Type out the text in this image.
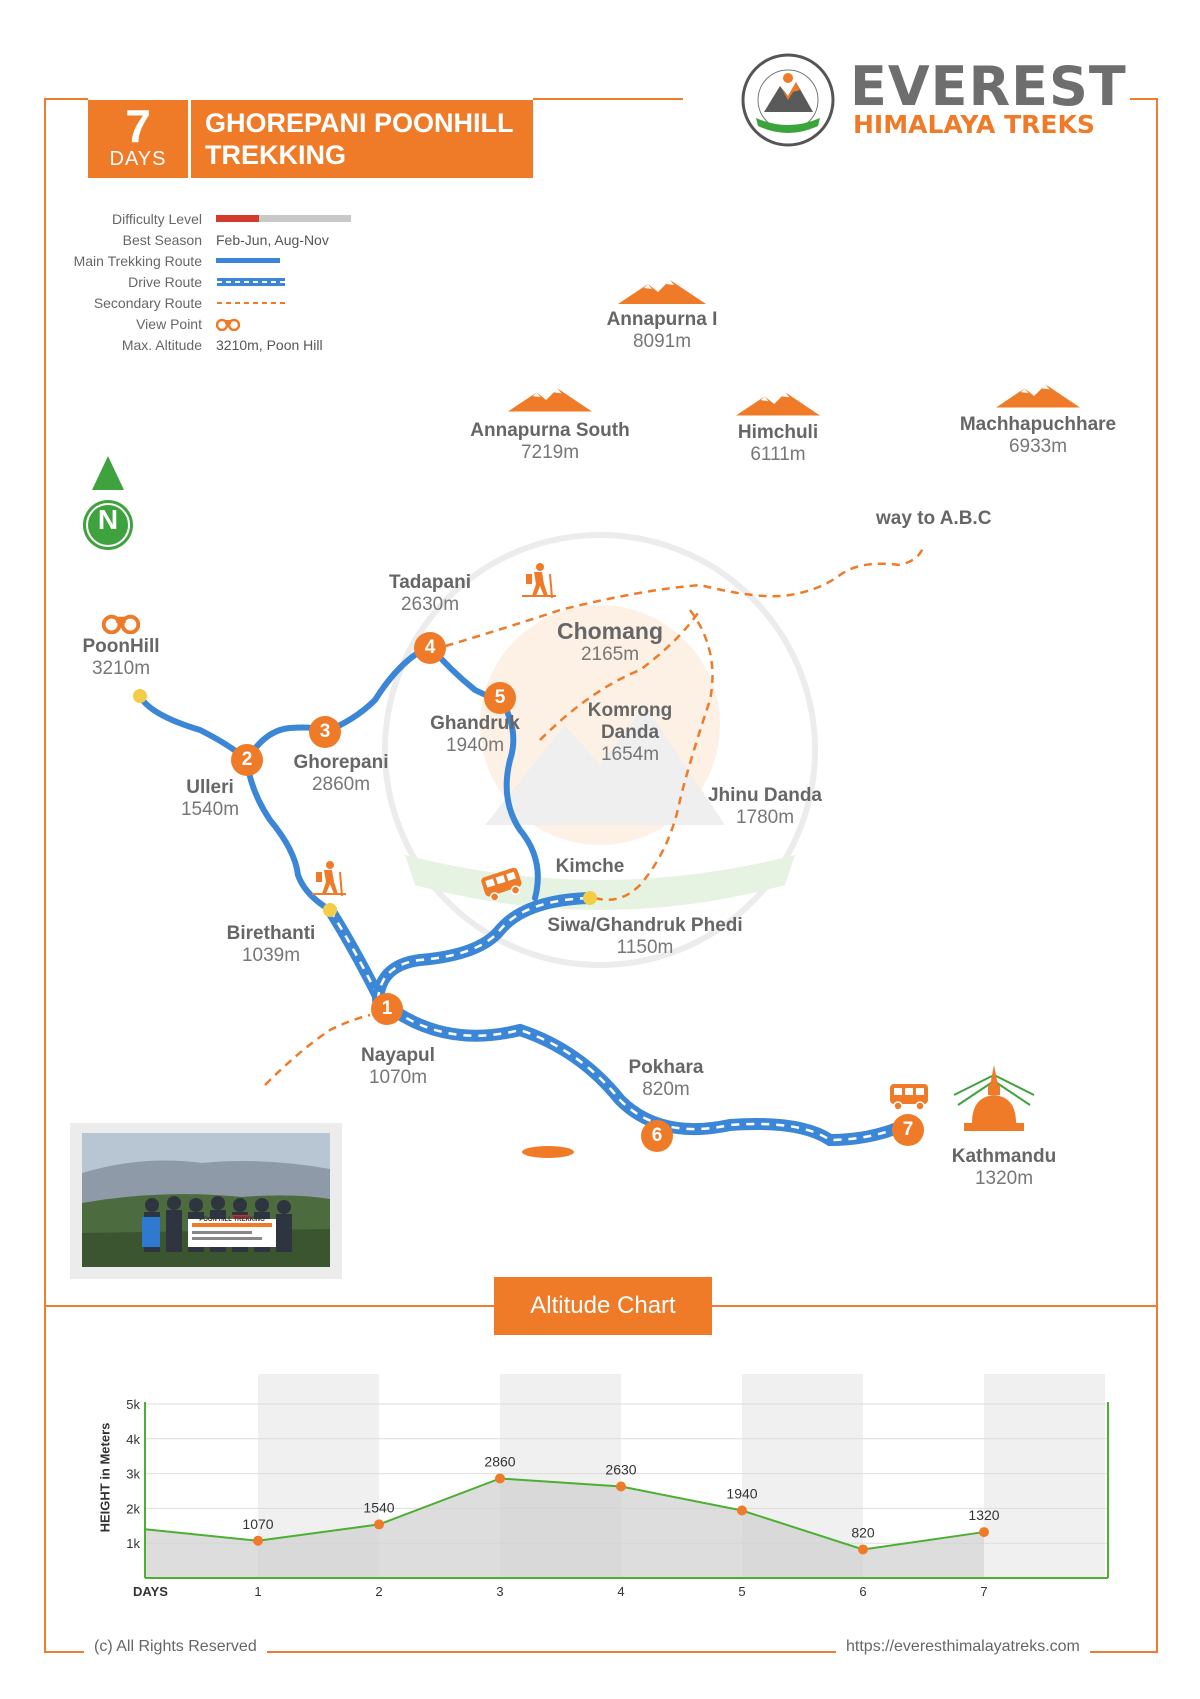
7
DAYS
GHOREPANI POONHILL
TREKKING
EVEREST
HIMALAYA TREKS
Difficulty Level
Best Season	Feb-Jun, Aug-Nov
Main Trekking Route
Drive Route
Secondary Route
View Point
Max. Altitude	3210m, Poon Hill
N
Annapurna I
8091m
Annapurna South
7219m
Himchuli
6111m
Machhapuchhare
6933m
1
2
3
4
5
6	7
PoonHill
3210m
Tadapani
2630m
Chomang
2165m
Ghandruk
1940m
Komrong
Danda
1654m
Ghorepani
2860m
Ulleri
1540m
Jhinu Danda
1780m
Kimche
Siwa/Ghandruk Phedi
1150m
Birethanti
1039m
Nayapul
1070m	Pokhara
820m
Kathmandu
1320m
way to A.B.C
POON HILL TREKKING
Altitude Chart
1k
2k
3k
4k
5k
1070
1
1540
2
2860
3
2630
4
1940
5
820
6
1320
7
DAYS
HEIGHT in Meters
(c) All Rights Reserved	https://everesthimalayatreks.com
